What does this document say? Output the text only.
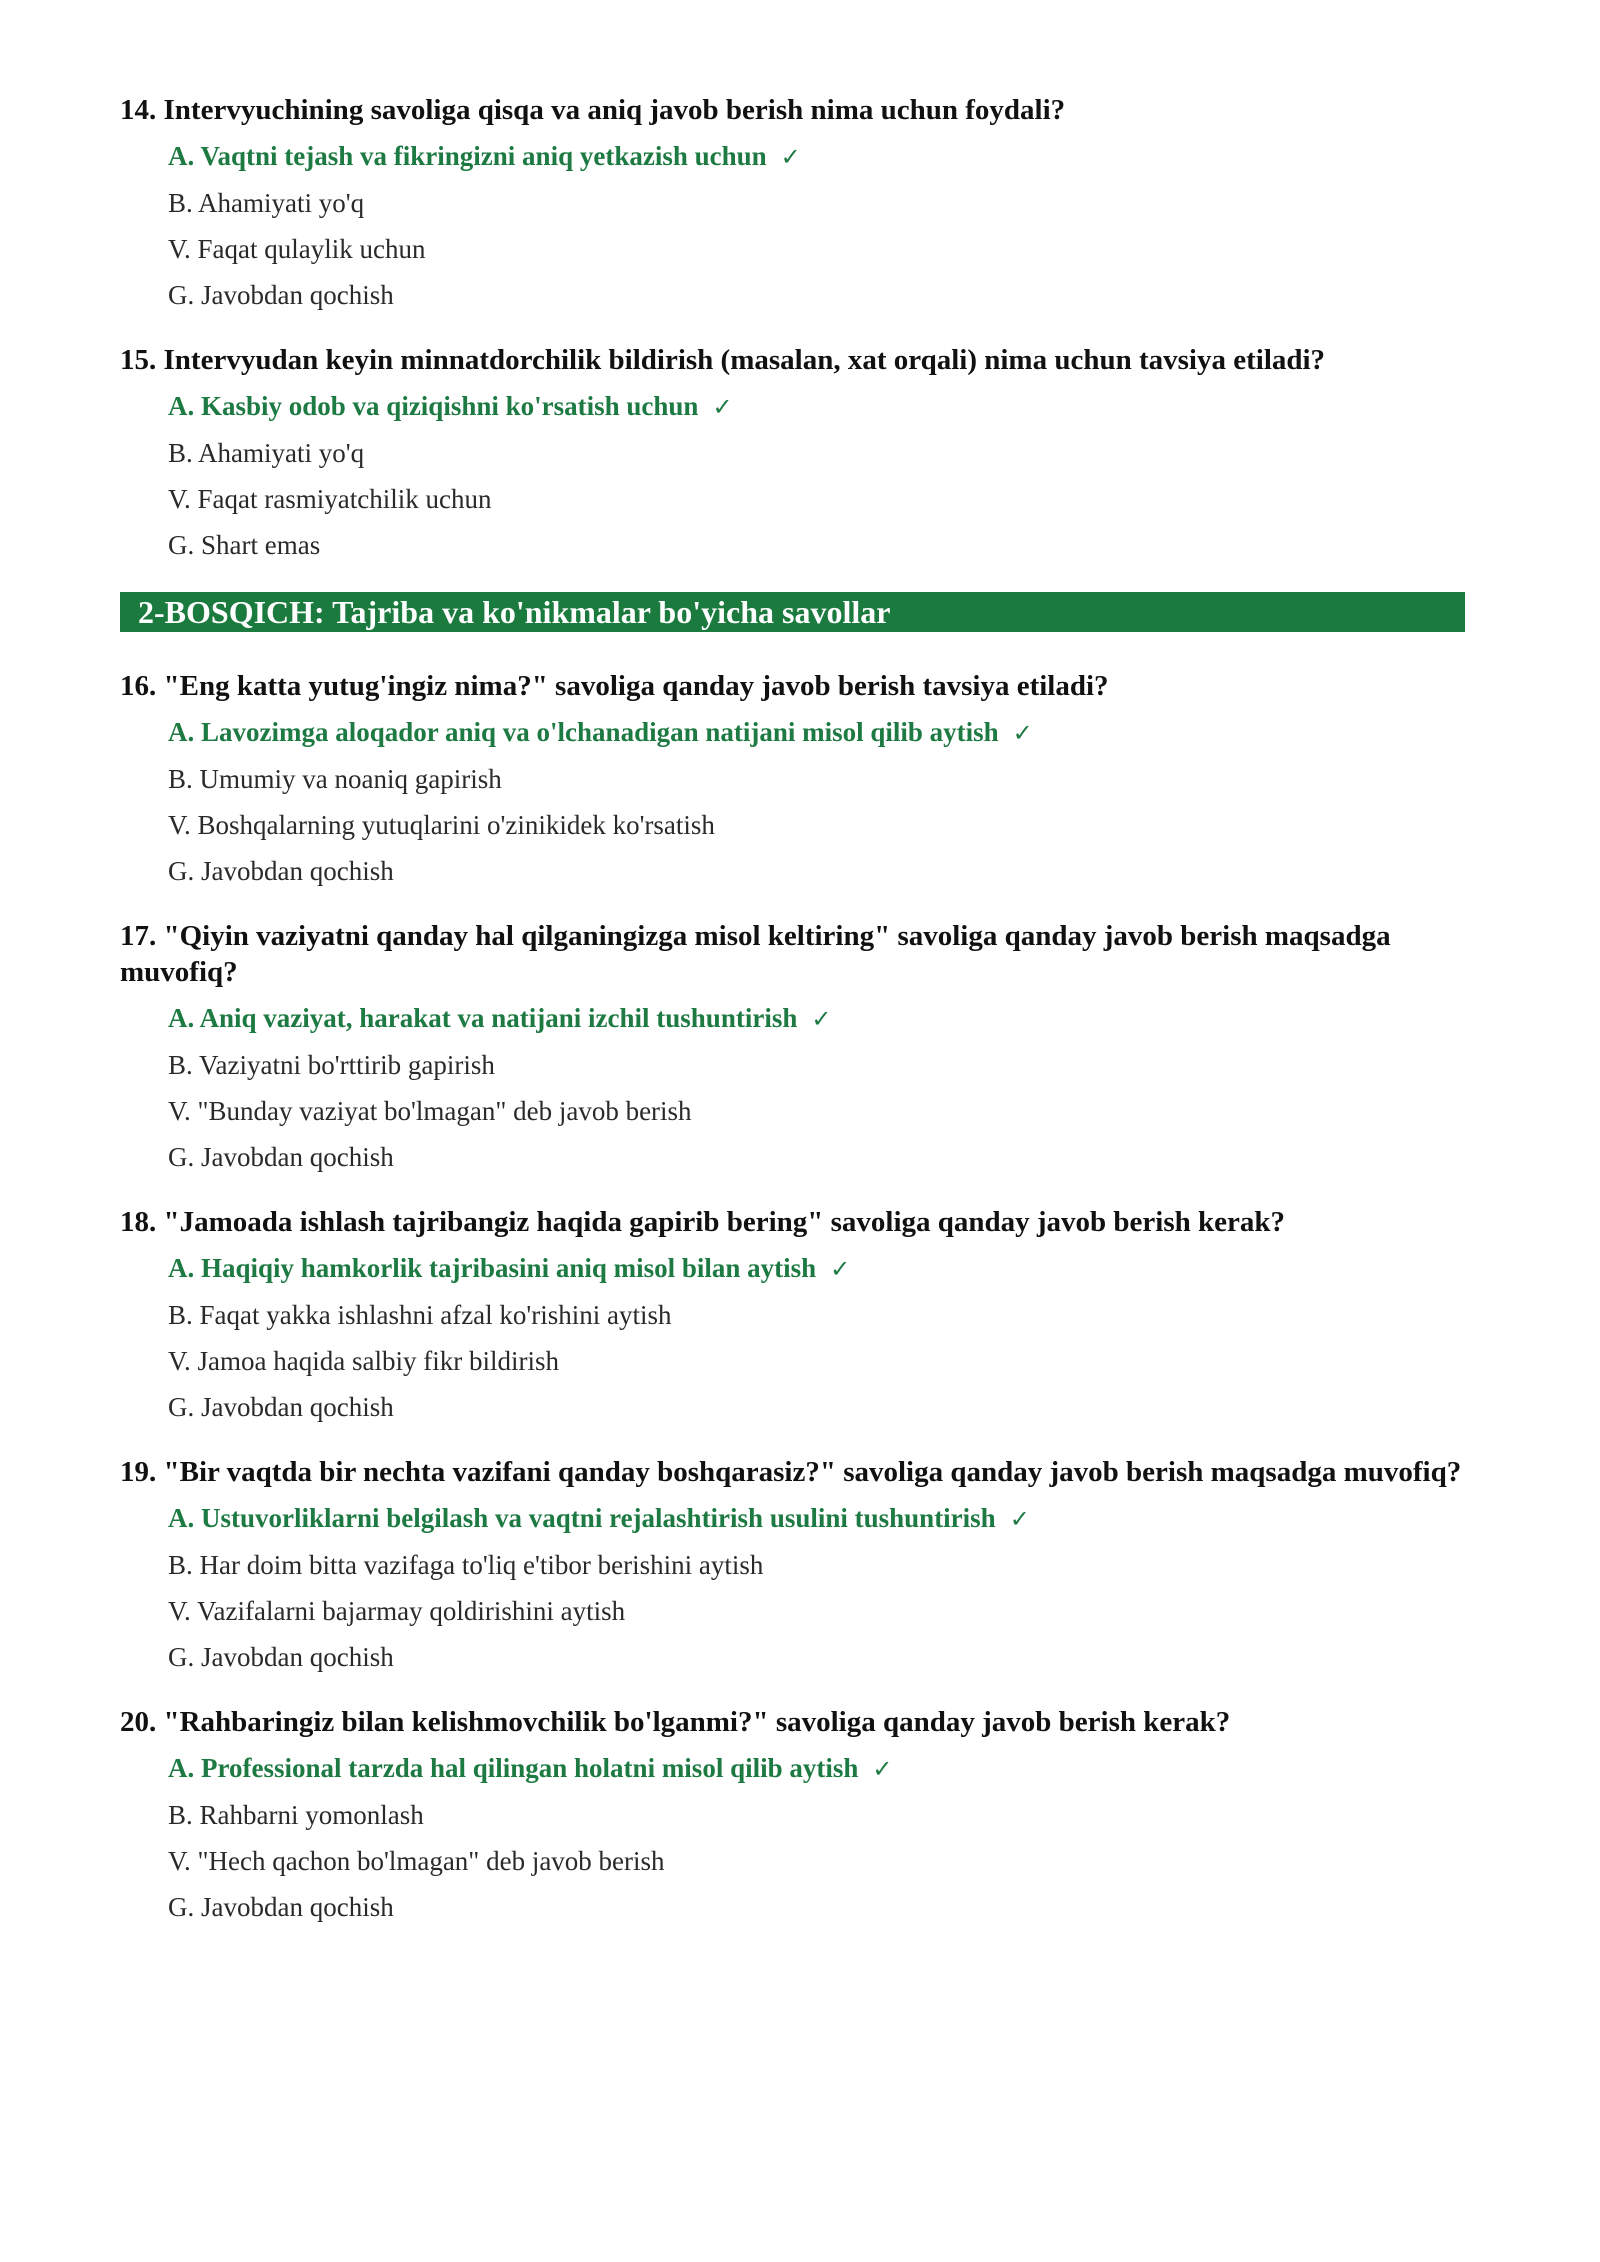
14. Intervyuchining savoliga qisqa va aniq javob berish nima uchun foydali?
A. Vaqtni tejash va fikringizni aniq yetkazish uchun ✓
B. Ahamiyati yo'q
V. Faqat qulaylik uchun
G. Javobdan qochish
15. Intervyudan keyin minnatdorchilik bildirish (masalan, xat orqali) nima uchun tavsiya etiladi?
A. Kasbiy odob va qiziqishni ko'rsatish uchun ✓
B. Ahamiyati yo'q
V. Faqat rasmiyatchilik uchun
G. Shart emas
2-BOSQICH: Tajriba va ko'nikmalar bo'yicha savollar
16. "Eng katta yutug'ingiz nima?" savoliga qanday javob berish tavsiya etiladi?
A. Lavozimga aloqador aniq va o'lchanadigan natijani misol qilib aytish ✓
B. Umumiy va noaniq gapirish
V. Boshqalarning yutuqlarini o'zinikidek ko'rsatish
G. Javobdan qochish
17. "Qiyin vaziyatni qanday hal qilganingizga misol keltiring" savoliga qanday javob berish maqsadga muvofiq?
A. Aniq vaziyat, harakat va natijani izchil tushuntirish ✓
B. Vaziyatni bo'rttirib gapirish
V. "Bunday vaziyat bo'lmagan" deb javob berish
G. Javobdan qochish
18. "Jamoada ishlash tajribangiz haqida gapirib bering" savoliga qanday javob berish kerak?
A. Haqiqiy hamkorlik tajribasini aniq misol bilan aytish ✓
B. Faqat yakka ishlashni afzal ko'rishini aytish
V. Jamoa haqida salbiy fikr bildirish
G. Javobdan qochish
19. "Bir vaqtda bir nechta vazifani qanday boshqarasiz?" savoliga qanday javob berish maqsadga muvofiq?
A. Ustuvorliklarni belgilash va vaqtni rejalashtirish usulini tushuntirish ✓
B. Har doim bitta vazifaga to'liq e'tibor berishini aytish
V. Vazifalarni bajarmay qoldirishini aytish
G. Javobdan qochish
20. "Rahbaringiz bilan kelishmovchilik bo'lganmi?" savoliga qanday javob berish kerak?
A. Professional tarzda hal qilingan holatni misol qilib aytish ✓
B. Rahbarni yomonlash
V. "Hech qachon bo'lmagan" deb javob berish
G. Javobdan qochish
